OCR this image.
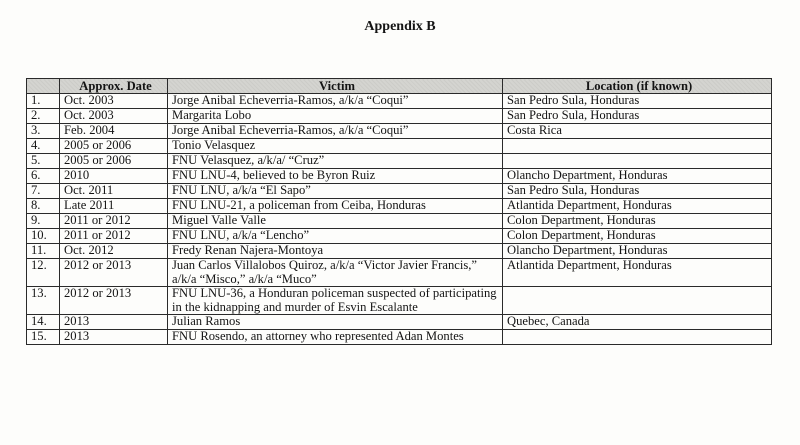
Appendix B
	Approx. Date	Victim	Location (if known)
1.	Oct. 2003	Jorge Anibal Echeverria-Ramos, a/k/a “Coqui”	San Pedro Sula, Honduras
2.	Oct. 2003	Margarita Lobo	San Pedro Sula, Honduras
3.	Feb. 2004	Jorge Anibal Echeverria-Ramos, a/k/a “Coqui”	Costa Rica
4.	2005 or 2006	Tonio Velasquez	
5.	2005 or 2006	FNU Velasquez, a/k/a/ “Cruz”	
6.	2010	FNU LNU-4, believed to be Byron Ruiz	Olancho Department, Honduras
7.	Oct. 2011	FNU LNU, a/k/a “El Sapo”	San Pedro Sula, Honduras
8.	Late 2011	FNU LNU-21, a policeman from Ceiba, Honduras	Atlantida Department, Honduras
9.	2011 or 2012	Miguel Valle Valle	Colon Department, Honduras
10.	2011 or 2012	FNU LNU, a/k/a “Lencho”	Colon Department, Honduras
11.	Oct. 2012	Fredy Renan Najera-Montoya	Olancho Department, Honduras
12.	2012 or 2013	Juan Carlos Villalobos Quiroz, a/k/a “Victor Javier Francis,” a/k/a “Misco,” a/k/a “Muco”	Atlantida Department, Honduras
13.	2012 or 2013	FNU LNU-36, a Honduran policeman suspected of participating in the kidnapping and murder of Esvin Escalante	
14.	2013	Julian Ramos	Quebec, Canada
15.	2013	FNU Rosendo, an attorney who represented Adan Montes	
